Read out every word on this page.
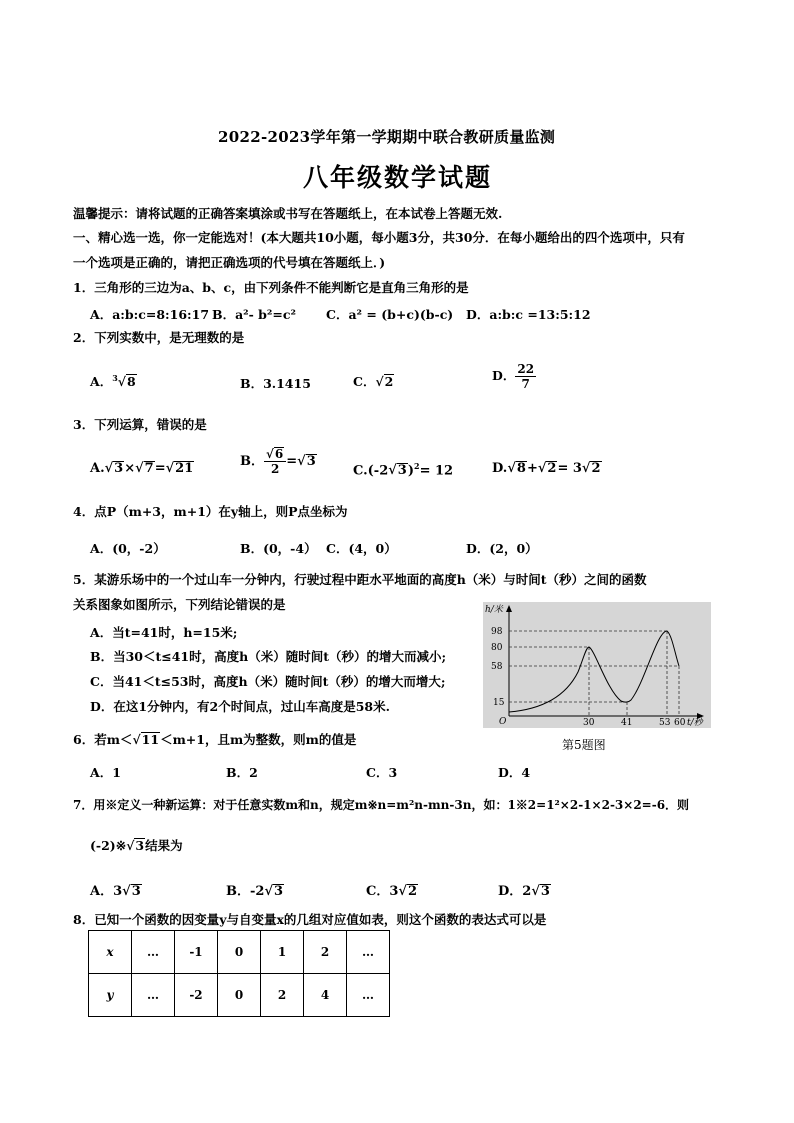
2022-2023学年第一学期期中联合教研质量监测
八年级数学试题
温馨提示：请将试题的正确答案填涂或书写在答题纸上，在本试卷上答题无效.
一、精心选一选，你一定能选对！(本大题共10小题，每小题3分，共30分．在每小题给出的四个选项中，只有
一个选项是正确的，请把正确选项的代号填在答题纸上．)
1．三角形的三边为a、b、c，由下列条件不能判断它是直角三角形的是
A．a:b:c=8:16:17 B．a²- b²=c² C．a² = (b+c)(b-c) D．a:b:c =13:5:12
2．下列实数中，是无理数的是
A．$^3$√8	B．3.1415	C．√2	D． $\frac{22}{7}$
3．下列运算，错误的是
A.√3×√7=√21	B． $\frac{√6}{2} =√3$
$C.(-2√3)^2= 12$	D.√8+√2= 3√2
4．点P（m+3，m+1）在y轴上，则P点坐标为
A．(0，-2）	B．(0，-4） C．(4，0）	D．(2，0）
5．某游乐场中的一个过山车一分钟内，行驶过程中距水平地面的高度h（米）与时间t（秒）之间的函数
关系图象如图所示，下列结论错误的是
A．当t=41时，h=15米;
B．当30＜t≤41时，高度h（米）随时间t（秒）的增大而减小;
C．当41＜t≤53时，高度h（米）随时间t（秒）的增大而增大;
D．在这1分钟内，有2个时间点，过山车高度是58米.
h/米
98
80
58
15
O	30	41	53 60 t/秒
第5题图
6．若m＜√11＜m+1，且m为整数，则m的值是
A．1	B．2	C．3	D．4
7．用※定义一种新运算：对于任意实数m和n，规定m※n=m²n-mn-3n，如：1※2=1²×2-1×2-3×2=-6．则
(-2)※√3结果为
A．3√3	B．-2√3	C．3√2	D．2√3
8．已知一个函数的因变量y与自变量x的几组对应值如表，则这个函数的表达式可以是
x	…	-1	0	1	2	…
y	…	-2	0	2	4	…
